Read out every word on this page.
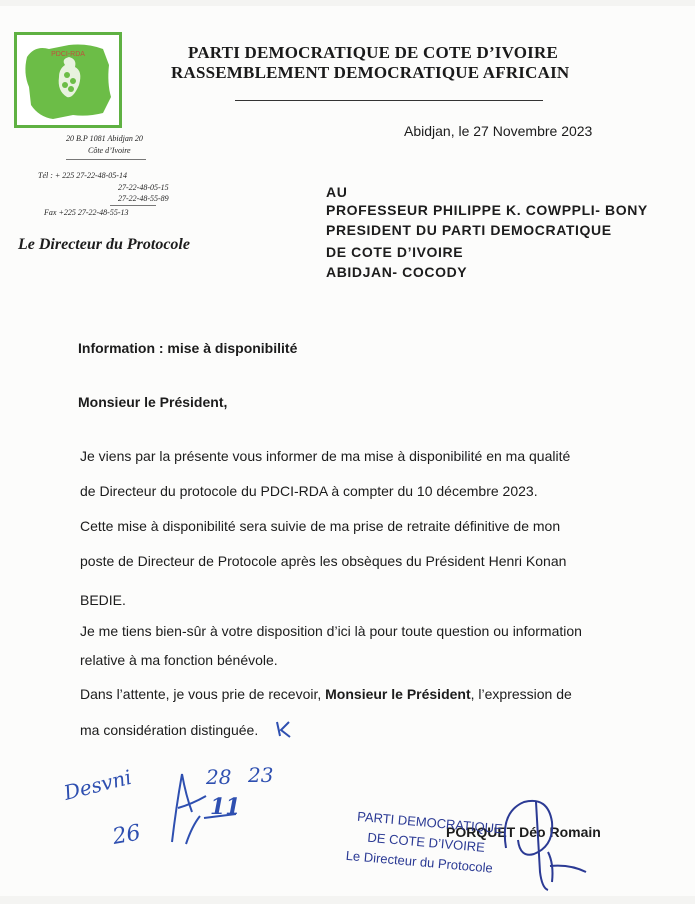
PDCI-RDA	PARTI DEMOCRATIQUE DE COTE D’IVOIRE
RASSEMBLEMENT DEMOCRATIQUE AFRICAIN
20 B.P 1081 Abidjan 20
Côte d’Ivoire
Tél : + 225 27-22-48-05-14
27-22-48-05-15
27-22-48-55-89
Fax +225 27-22-48-55-13
Le Directeur du Protocole
Abidjan, le 27 Novembre 2023
AU
PROFESSEUR PHILIPPE K. COWPPLI- BONY
PRESIDENT DU PARTI DEMOCRATIQUE
DE COTE D’IVOIRE
ABIDJAN- COCODY
Information : mise à disponibilité
Monsieur le Président,
Je viens par la présente vous informer de ma mise à disponibilité en ma qualité
de Directeur du protocole du PDCI-RDA à compter du 10 décembre 2023.
Cette mise à disponibilité sera suivie de ma prise de retraite définitive de mon
poste de Directeur de Protocole après les obsèques du Président Henri Konan
BEDIE.
Je me tiens bien-sûr à votre disposition d’ici là pour toute question ou information
relative à ma fonction bénévole.
Dans l’attente, je vous prie de recevoir, Monsieur le Président, l’expression de
ma considération distinguée.
Desvni
26
28 23
11
PORQUET Déo Romain
PARTI DEMOCRATIQUE
DE COTE D’IVOIRE
Le Directeur du Protocole
